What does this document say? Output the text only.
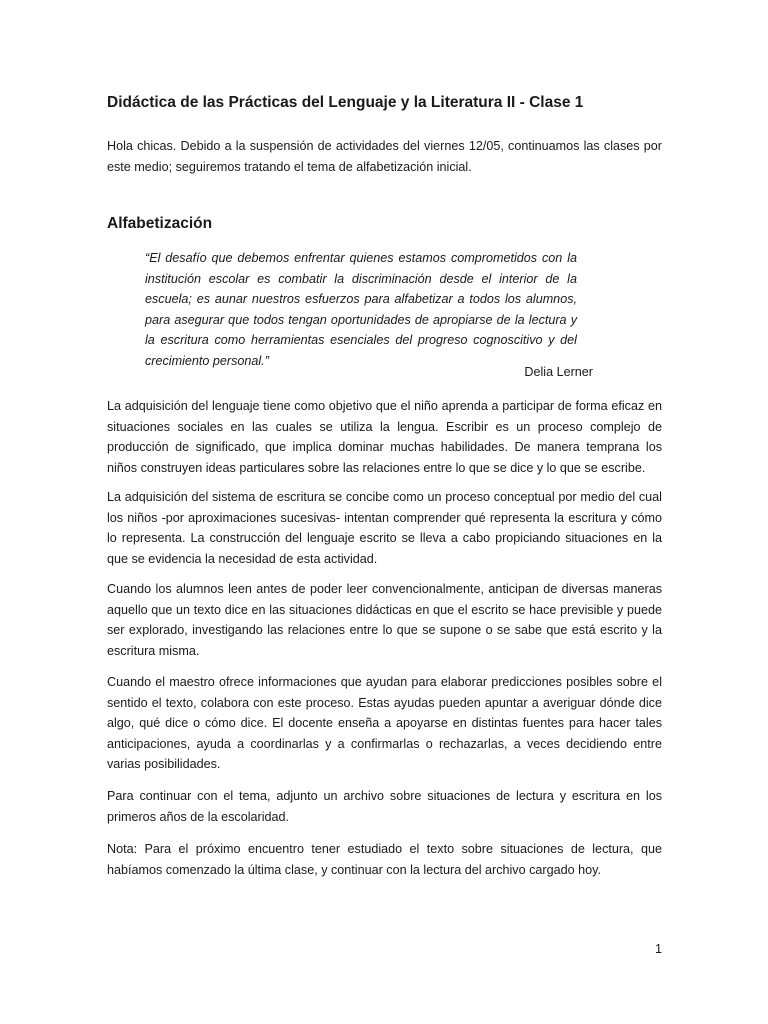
Didáctica de las Prácticas del Lenguaje y la Literatura II - Clase 1

Hola chicas. Debido a la suspensión de actividades del viernes 12/05, continuamos las clases por este medio; seguiremos tratando el tema de alfabetización inicial.

Alfabetización

“El desafío que debemos enfrentar quienes estamos comprometidos con la institución escolar es combatir la discriminación desde el interior de la escuela; es aunar nuestros esfuerzos para alfabetizar a todos los alumnos, para asegurar que todos tengan oportunidades de apropiarse de la lectura y la escritura como herramientas esenciales del progreso cognoscitivo y del crecimiento personal.”

Delia Lerner

La adquisición del lenguaje tiene como objetivo que el niño aprenda a participar de forma eficaz en situaciones sociales en las cuales se utiliza la lengua. Escribir es un proceso complejo de producción de significado, que implica dominar muchas habilidades. De manera temprana los niños construyen ideas particulares sobre las relaciones entre lo que se dice y lo que se escribe.

La adquisición del sistema de escritura se concibe como un proceso conceptual por medio del cual los niños -por aproximaciones sucesivas- intentan comprender qué representa la escritura y cómo lo representa. La construcción del lenguaje escrito se lleva a cabo propiciando situaciones en la que se evidencia la necesidad de esta actividad.

Cuando los alumnos leen antes de poder leer convencionalmente, anticipan de diversas maneras aquello que un texto dice en las situaciones didácticas en que el escrito se hace previsible y puede ser explorado, investigando las relaciones entre lo que se supone o se sabe que está escrito y la escritura misma.

Cuando el maestro ofrece informaciones que ayudan para elaborar predicciones posibles sobre el sentido el texto, colabora con este proceso. Estas ayudas pueden apuntar a averiguar dónde dice algo, qué dice o cómo dice. El docente enseña a apoyarse en distintas fuentes para hacer tales anticipaciones, ayuda a coordinarlas y a confirmarlas o rechazarlas, a veces decidiendo entre varias posibilidades.

Para continuar con el tema, adjunto un archivo sobre situaciones de lectura y escritura en los primeros años de la escolaridad.

Nota: Para el próximo encuentro tener estudiado el texto sobre situaciones de lectura, que habíamos comenzado la última clase, y continuar con la lectura del archivo cargado hoy.

1
